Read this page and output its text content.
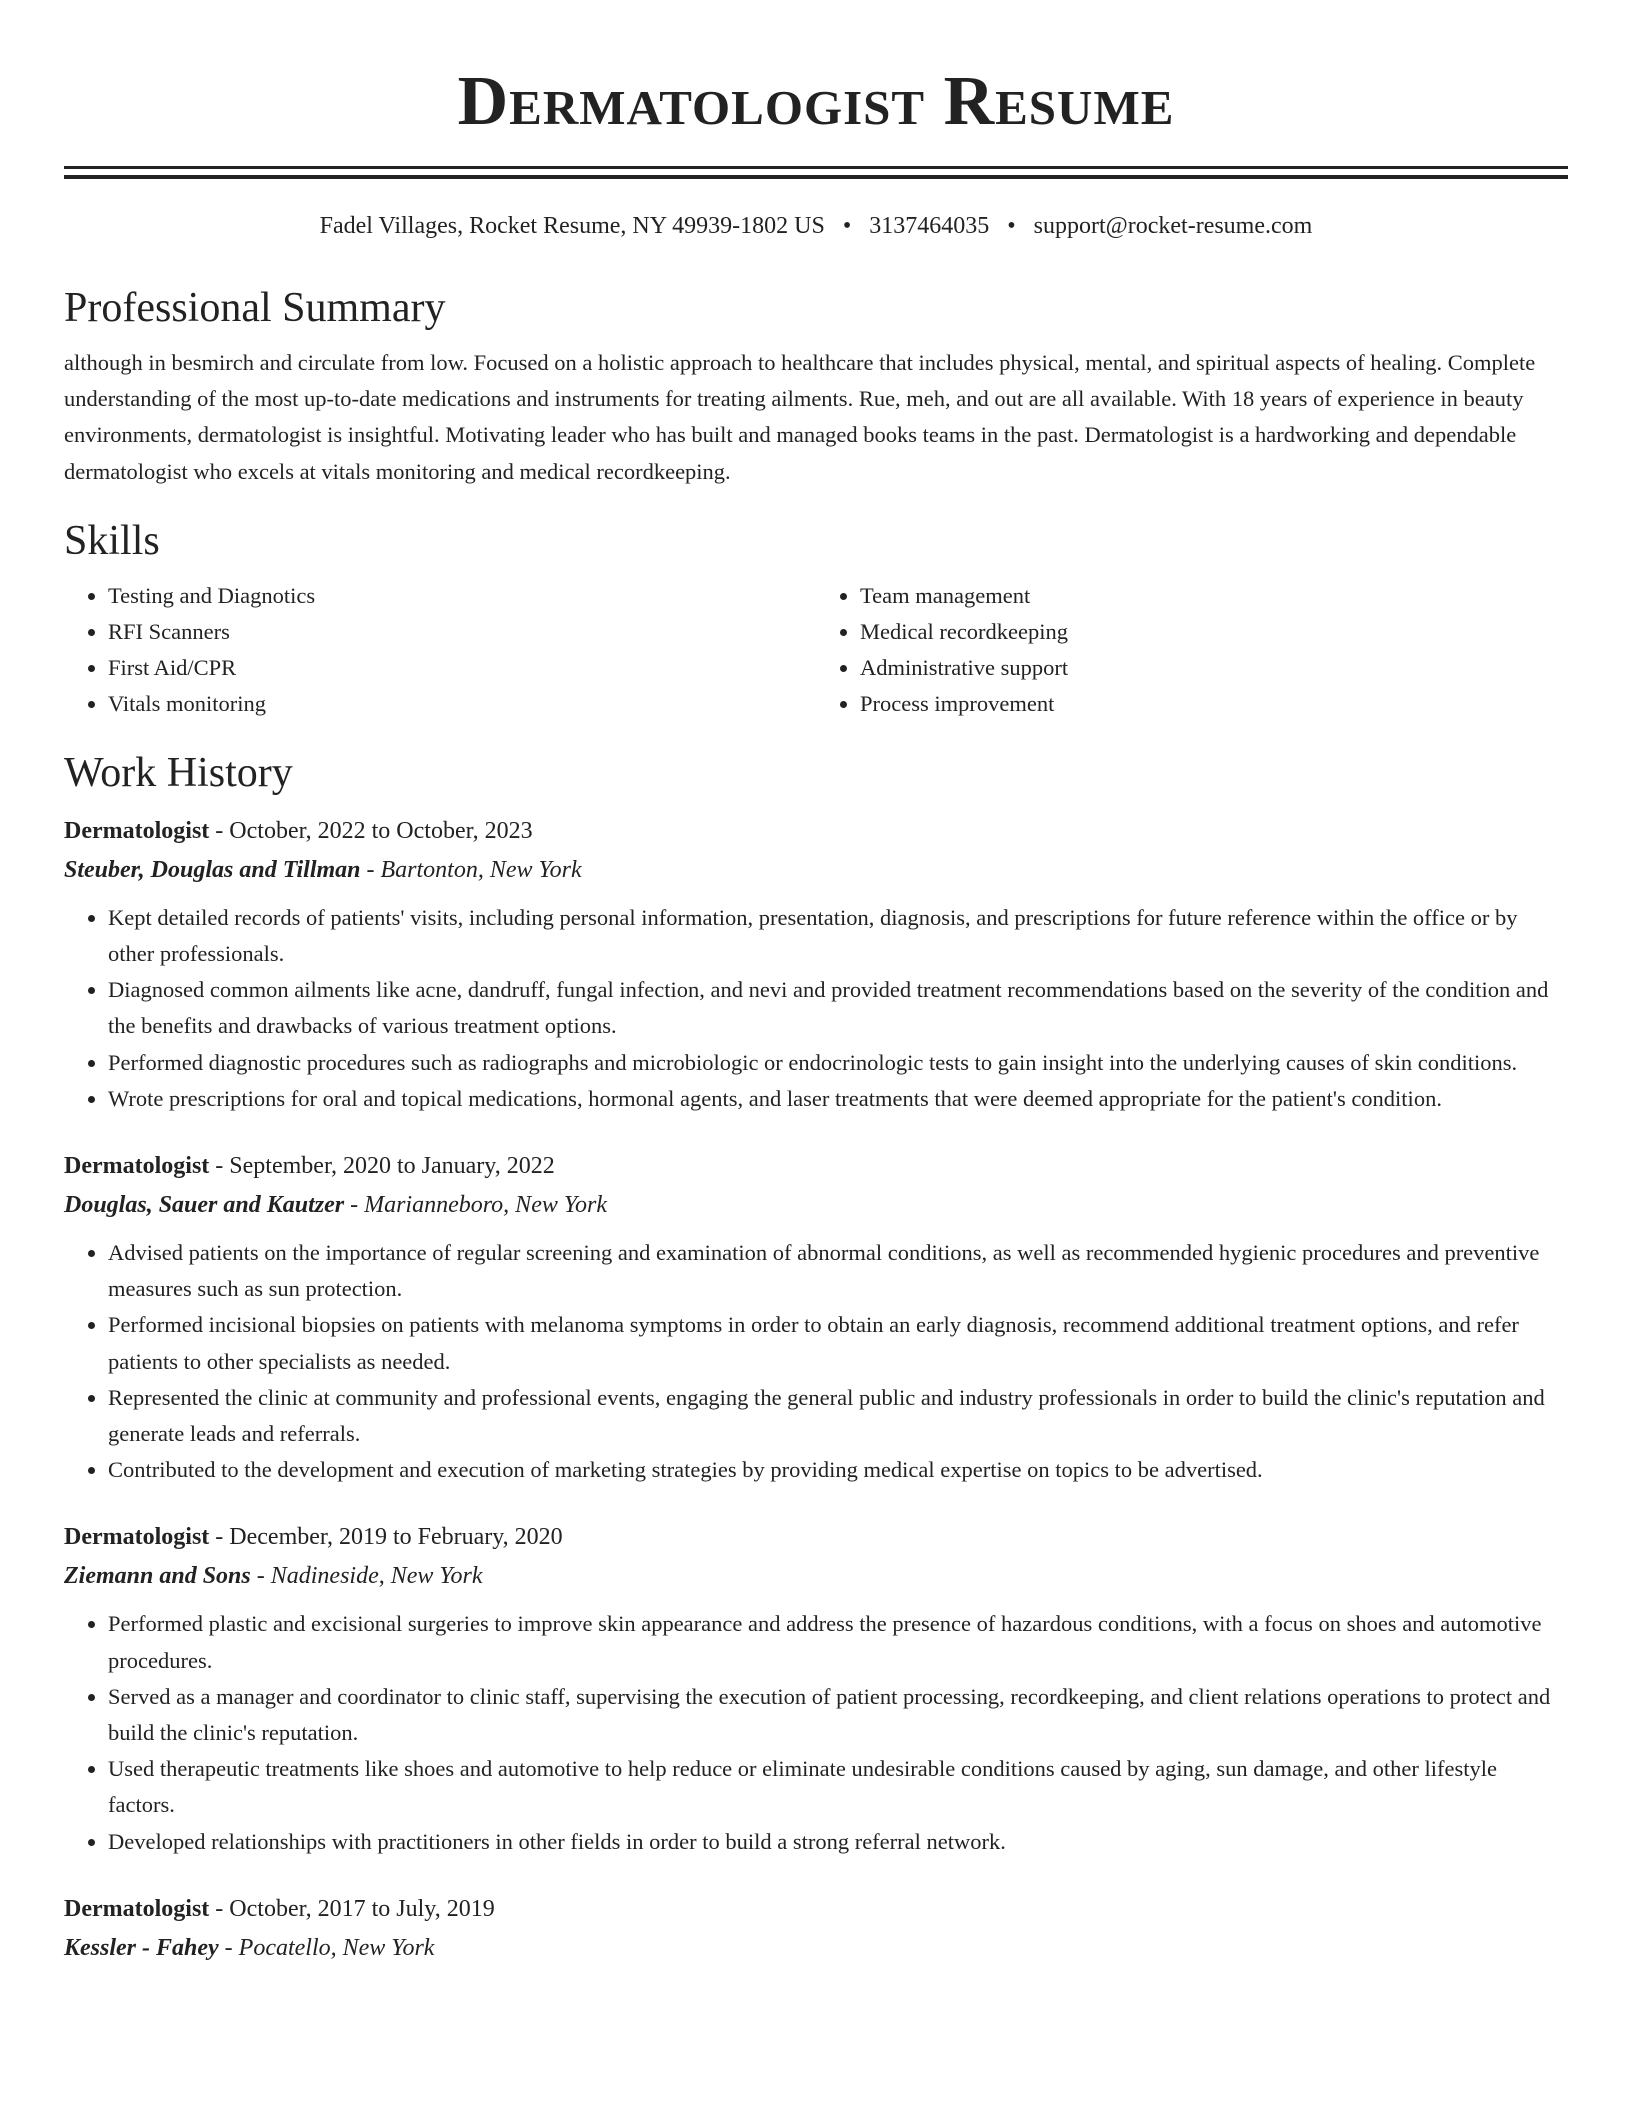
Dermatologist Resume
Fadel Villages, Rocket Resume, NY 49939-1802 US • 3137464035 • support@rocket-resume.com
Professional Summary
although in besmirch and circulate from low. Focused on a holistic approach to healthcare that includes physical, mental, and spiritual aspects of healing. Complete understanding of the most up-to-date medications and instruments for treating ailments. Rue, meh, and out are all available. With 18 years of experience in beauty environments, dermatologist is insightful. Motivating leader who has built and managed books teams in the past. Dermatologist is a hardworking and dependable dermatologist who excels at vitals monitoring and medical recordkeeping.
Skills
• Testing and Diagnotics
• RFI Scanners
• First Aid/CPR
• Vitals monitoring
• Team management
• Medical recordkeeping
• Administrative support
• Process improvement
Work History
Dermatologist - October, 2022 to October, 2023
Steuber, Douglas and Tillman - Bartonton, New York
• Kept detailed records of patients' visits, including personal information, presentation, diagnosis, and prescriptions for future reference within the office or by other professionals.
• Diagnosed common ailments like acne, dandruff, fungal infection, and nevi and provided treatment recommendations based on the severity of the condition and the benefits and drawbacks of various treatment options.
• Performed diagnostic procedures such as radiographs and microbiologic or endocrinologic tests to gain insight into the underlying causes of skin conditions.
• Wrote prescriptions for oral and topical medications, hormonal agents, and laser treatments that were deemed appropriate for the patient's condition.
Dermatologist - September, 2020 to January, 2022
Douglas, Sauer and Kautzer - Marianneboro, New York
• Advised patients on the importance of regular screening and examination of abnormal conditions, as well as recommended hygienic procedures and preventive measures such as sun protection.
• Performed incisional biopsies on patients with melanoma symptoms in order to obtain an early diagnosis, recommend additional treatment options, and refer patients to other specialists as needed.
• Represented the clinic at community and professional events, engaging the general public and industry professionals in order to build the clinic's reputation and generate leads and referrals.
• Contributed to the development and execution of marketing strategies by providing medical expertise on topics to be advertised.
Dermatologist - December, 2019 to February, 2020
Ziemann and Sons - Nadineside, New York
• Performed plastic and excisional surgeries to improve skin appearance and address the presence of hazardous conditions, with a focus on shoes and automotive procedures.
• Served as a manager and coordinator to clinic staff, supervising the execution of patient processing, recordkeeping, and client relations operations to protect and build the clinic's reputation.
• Used therapeutic treatments like shoes and automotive to help reduce or eliminate undesirable conditions caused by aging, sun damage, and other lifestyle factors.
• Developed relationships with practitioners in other fields in order to build a strong referral network.
Dermatologist - October, 2017 to July, 2019
Kessler - Fahey - Pocatello, New York
